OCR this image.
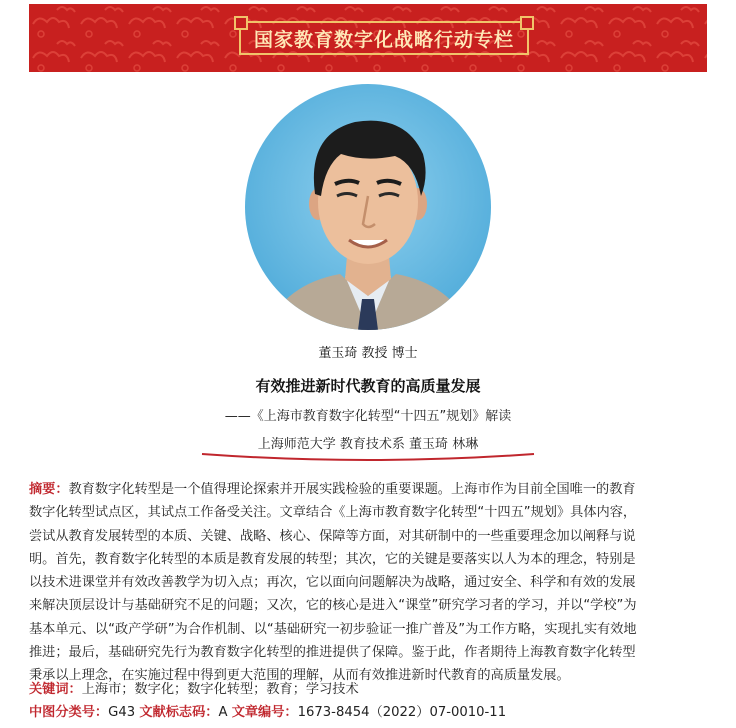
国家教育数字化战略行动专栏
董玉琦 教授 博士
有效推进新时代教育的高质量发展
——《上海市教育数字化转型“十四五”规划》解读
上海师范大学 教育技术系 董玉琦 林琳
摘要：教育数字化转型是一个值得理论探索并开展实践检验的重要课题。上海市作为目前全国唯一的教育
数字化转型试点区，其试点工作备受关注。文章结合《上海市教育数字化转型“十四五”规划》具体内容，
尝试从教育发展转型的本质、关键、战略、核心、保障等方面，对其研制中的一些重要理念加以阐释与说
明。首先，教育数字化转型的本质是教育发展的转型；其次，它的关键是要落实以人为本的理念，特别是
以技术进课堂并有效改善教学为切入点；再次，它以面向问题解决为战略，通过安全、科学和有效的发展
来解决顶层设计与基础研究不足的问题；又次，它的核心是进入“课堂”研究学习者的学习，并以“学校”为
基本单元、以“政产学研”为合作机制、以“基础研究一初步验证一推广普及”为工作方略，实现扎实有效地
推进；最后，基础研究先行为教育数字化转型的推进提供了保障。鉴于此，作者期待上海教育数字化转型
秉承以上理念，在实施过程中得到更大范围的理解，从而有效推进新时代教育的高质量发展。
关键词：上海市；数字化；数字化转型；教育；学习技术
中图分类号：G43 文献标志码：A 文章编号：1673-8454（2022）07-0010-11
